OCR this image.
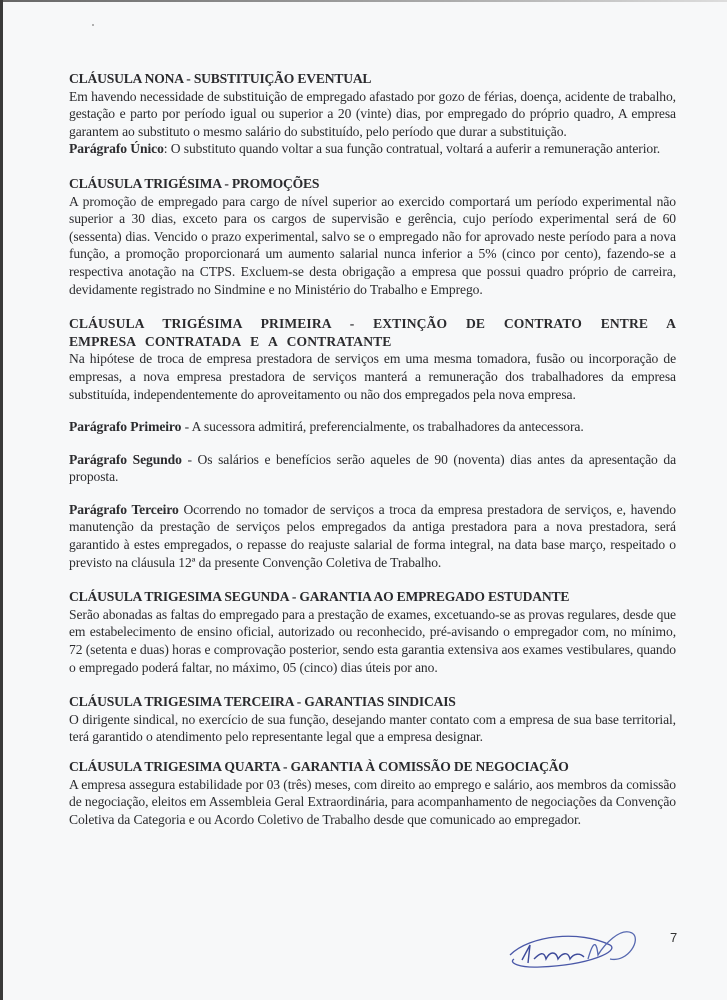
CLÁUSULA NONA - SUBSTITUIÇÃO EVENTUAL

Em havendo necessidade de substituição de empregado afastado por gozo de férias, doença, acidente de trabalho, gestação e parto por período igual ou superior a 20 (vinte) dias, por empregado do próprio quadro, A empresa garantem ao substituto o mesmo salário do substituído, pelo período que durar a substituição.

Parágrafo Único: O substituto quando voltar a sua função contratual, voltará a auferir a remuneração anterior.

CLÁUSULA TRIGÉSIMA - PROMOÇÕES

A promoção de empregado para cargo de nível superior ao exercido comportará um período experimental não superior a 30 dias, exceto para os cargos de supervisão e gerência, cujo período experimental será de 60 (sessenta) dias. Vencido o prazo experimental, salvo se o empregado não for aprovado neste período para a nova função, a promoção proporcionará um aumento salarial nunca inferior a 5% (cinco por cento), fazendo-se a respectiva anotação na CTPS. Excluem-se desta obrigação a empresa que possui quadro próprio de carreira, devidamente registrado no Sindmine e no Ministério do Trabalho e Emprego.

CLÁUSULA TRIGÉSIMA PRIMEIRA - EXTINÇÃO DE CONTRATO ENTRE A EMPRESA CONTRATADA E A CONTRATANTE

Na hipótese de troca de empresa prestadora de serviços em uma mesma tomadora, fusão ou incorporação de empresas, a nova empresa prestadora de serviços manterá a remuneração dos trabalhadores da empresa substituída, independentemente do aproveitamento ou não dos empregados pela nova empresa.

Parágrafo Primeiro - A sucessora admitirá, preferencialmente, os trabalhadores da antecessora.

Parágrafo Segundo - Os salários e benefícios serão aqueles de 90 (noventa) dias antes da apresentação da proposta.

Parágrafo Terceiro Ocorrendo no tomador de serviços a troca da empresa prestadora de serviços, e, havendo manutenção da prestação de serviços pelos empregados da antiga prestadora para a nova prestadora, será garantido à estes empregados, o repasse do reajuste salarial de forma integral, na data base março, respeitado o previsto na cláusula 12ª da presente Convenção Coletiva de Trabalho.

CLÁUSULA TRIGESIMA SEGUNDA - GARANTIA AO EMPREGADO ESTUDANTE

Serão abonadas as faltas do empregado para a prestação de exames, excetuando-se as provas regulares, desde que em estabelecimento de ensino oficial, autorizado ou reconhecido, pré-avisando o empregador com, no mínimo, 72 (setenta e duas) horas e comprovação posterior, sendo esta garantia extensiva aos exames vestibulares, quando o empregado poderá faltar, no máximo, 05 (cinco) dias úteis por ano.

CLÁUSULA TRIGESIMA TERCEIRA - GARANTIAS SINDICAIS

O dirigente sindical, no exercício de sua função, desejando manter contato com a empresa de sua base territorial, terá garantido o atendimento pelo representante legal que a empresa designar.

CLÁUSULA TRIGESIMA QUARTA - GARANTIA À COMISSÃO DE NEGOCIAÇÃO

A empresa assegura estabilidade por 03 (três) meses, com direito ao emprego e salário, aos membros da comissão de negociação, eleitos em Assembleia Geral Extraordinária, para acompanhamento de negociações da Convenção Coletiva da Categoria e ou Acordo Coletivo de Trabalho desde que comunicado ao empregador.

7
